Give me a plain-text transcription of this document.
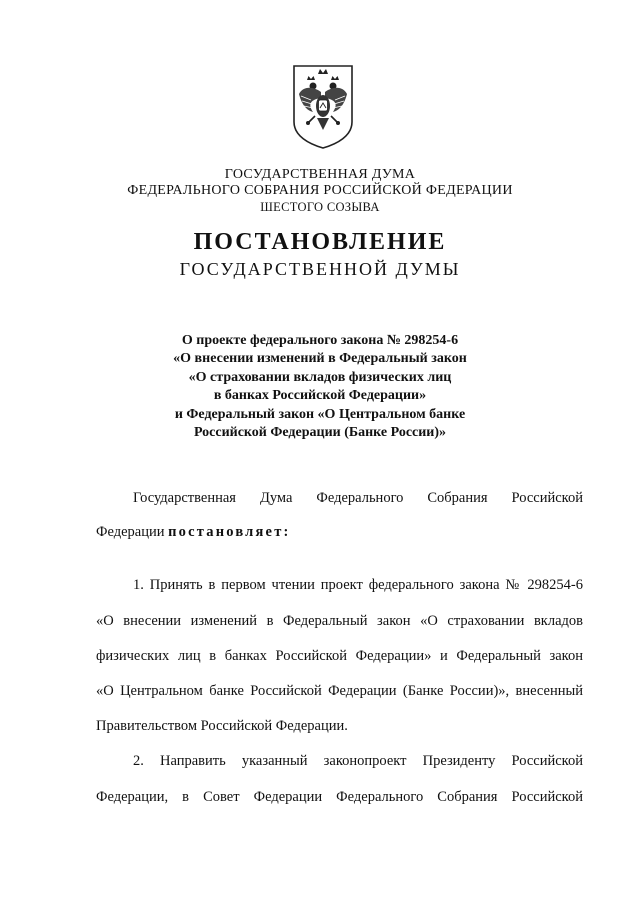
ГОСУДАРСТВЕННАЯ ДУМА
ФЕДЕРАЛЬНОГО СОБРАНИЯ РОССИЙСКОЙ ФЕДЕРАЦИИ
ШЕСТОГО СОЗЫВА
ПОСТАНОВЛЕНИЕ
ГОСУДАРСТВЕННОЙ ДУМЫ
О проекте федерального закона № 298254-6
«О внесении изменений в Федеральный закон
«О страховании вкладов физических лиц
в банках Российской Федерации»
и Федеральный закон «О Центральном банке
Российской Федерации (Банке России)»
Государственная Дума Федерального Собрания Российской
Федерации постановляет:
1. Принять в первом чтении проект федерального закона № 298254-6
«О внесении изменений в Федеральный закон «О страховании вкладов
физических лиц в банках Российской Федерации» и Федеральный закон
«О Центральном банке Российской Федерации (Банке России)», внесенный
Правительством Российской Федерации.
2. Направить указанный законопроект Президенту Российской
Федерации, в Совет Федерации Федерального Собрания Российской
